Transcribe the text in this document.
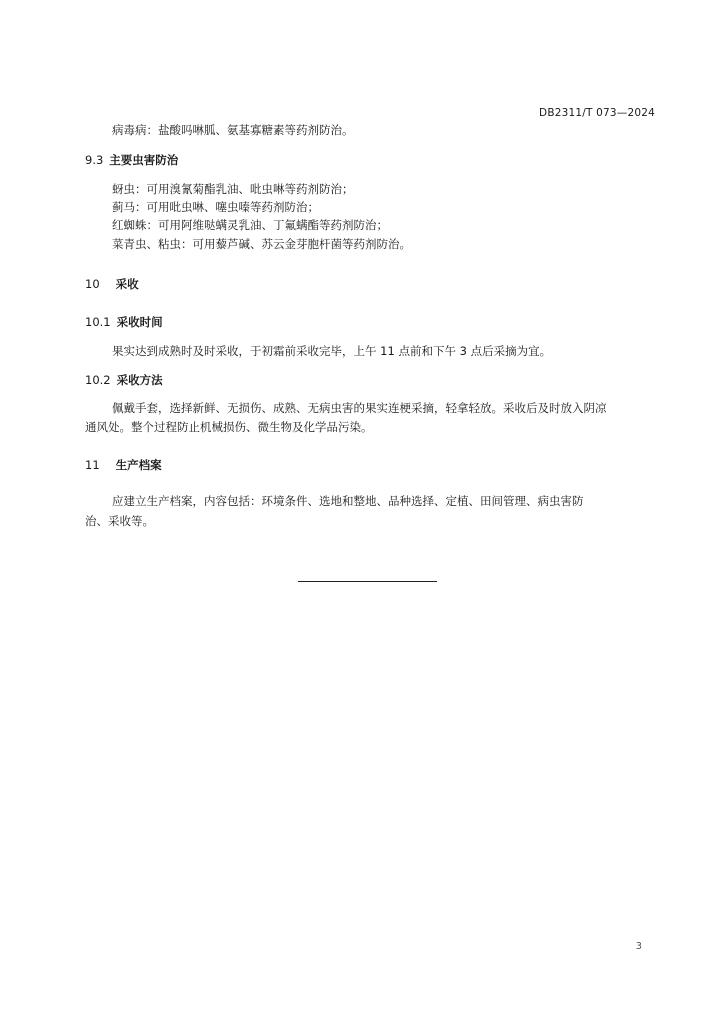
DB2311/T 073—2024
病毒病：盐酸吗啉胍、氨基寡糖素等药剂防治。
9.3 主要虫害防治
蚜虫：可用溴氰菊酯乳油、吡虫啉等药剂防治；
蓟马：可用吡虫啉、噻虫嗪等药剂防治；
红蜘蛛：可用阿维哒螨灵乳油、丁氟螨酯等药剂防治；
菜青虫、粘虫：可用藜芦碱、苏云金芽胞杆菌等药剂防治。
10 采收
10.1 采收时间
果实达到成熟时及时采收，于初霜前采收完毕，上午 11 点前和下午 3 点后采摘为宜。
10.2 采收方法
佩戴手套，选择新鲜、无损伤、成熟、无病虫害的果实连梗采摘，轻拿轻放。采收后及时放入阴凉
通风处。整个过程防止机械损伤、微生物及化学品污染。
11 生产档案
应建立生产档案，内容包括：环境条件、选地和整地、品种选择、定植、田间管理、病虫害防
治、采收等。
3
